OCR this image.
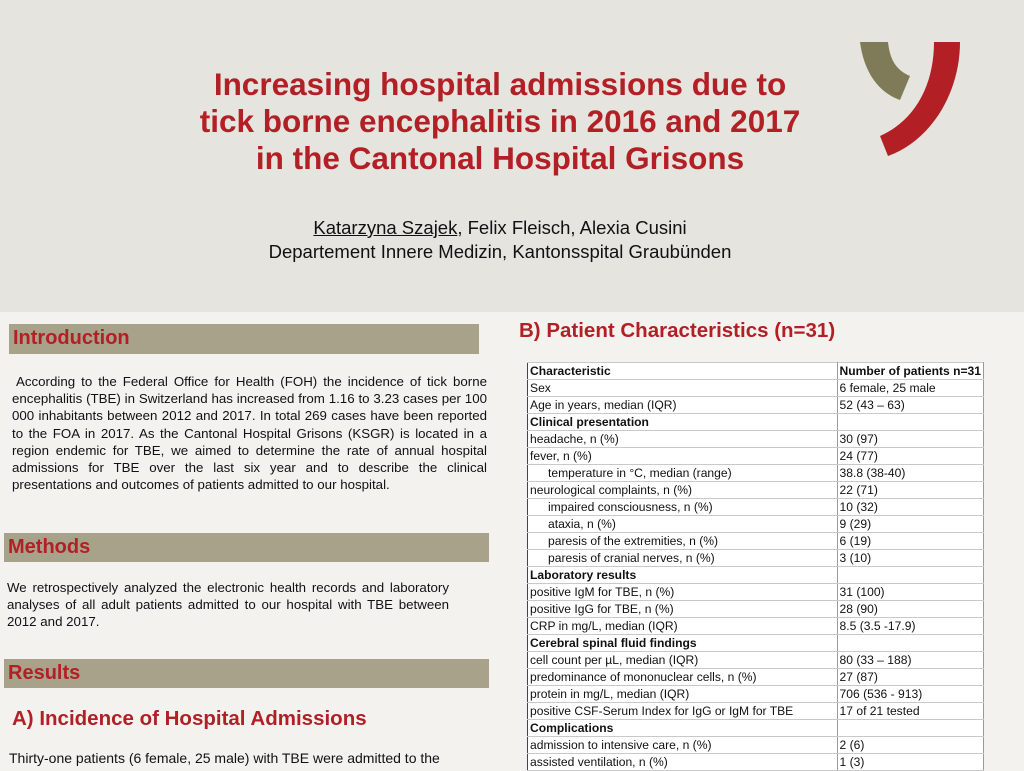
Increasing hospital admissions due to
tick borne encephalitis in 2016 and 2017
in the Cantonal Hospital Grisons
Katarzyna Szajek, Felix Fleisch, Alexia Cusini
Departement Innere Medizin, Kantonsspital Graubünden
Introduction
According to the Federal Office for Health (FOH) the incidence of tick borne encephalitis (TBE) in Switzerland has increased from 1.16 to 3.23 cases per 100 000 inhabitants between 2012 and 2017. In total 269 cases have been reported to the FOA in 2017. As the Cantonal Hospital Grisons (KSGR) is located in a region endemic for TBE, we aimed to determine the rate of annual hospital admissions for TBE over the last six year and to describe the clinical presentations and outcomes of patients admitted to our hospital.
Methods
We retrospectively analyzed the electronic health records and laboratory analyses of all adult patients admitted to our hospital with TBE between 2012 and 2017.
Results
A) Incidence of Hospital Admissions
Thirty-one patients (6 female, 25 male) with TBE were admitted to the
B) Patient Characteristics (n=31)
Characteristic	Number of patients n=31
Sex	6 female, 25 male
Age in years, median (IQR)	52 (43 – 63)
Clinical presentation	
headache, n (%)	30 (97)
fever, n (%)	24 (77)
temperature in °C, median (range)	38.8 (38-40)
neurological complaints, n (%)	22 (71)
impaired consciousness, n (%)	10 (32)
ataxia, n (%)	9 (29)
paresis of the extremities, n (%)	6 (19)
paresis of cranial nerves, n (%)	3 (10)
Laboratory results	
positive IgM for TBE, n (%)	31 (100)
positive IgG for TBE, n (%)	28 (90)
CRP in mg/L, median (IQR)	8.5 (3.5 -17.9)
Cerebral spinal fluid findings	
cell count per µL, median (IQR)	80 (33 – 188)
predominance of mononuclear cells, n (%)	27 (87)
protein in mg/L, median (IQR)	706 (536 - 913)
positive CSF-Serum Index for IgG or IgM for TBE	17 of 21 tested
Complications	
admission to intensive care, n (%)	2 (6)
assisted ventilation, n (%)	1 (3)
